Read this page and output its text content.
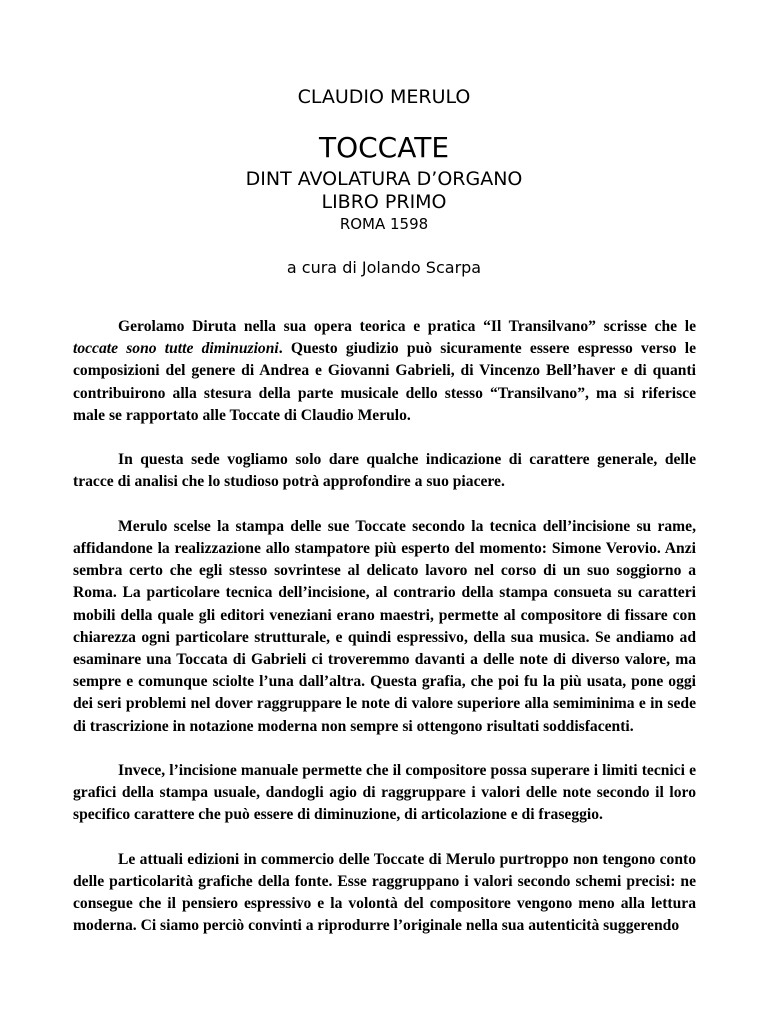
CLAUDIO MERULO
TOCCATE
DINT AVOLATURA D’ORGANO
LIBRO PRIMO
ROMA 1598
a cura di Jolando Scarpa

Gerolamo Diruta nella sua opera teorica e pratica “Il Transilvano” scrisse che le toccate sono tutte diminuzioni. Questo giudizio può sicuramente essere espresso verso le composizioni del genere di Andrea e Giovanni Gabrieli, di Vincenzo Bell’haver e di quanti contribuirono alla stesura della parte musicale dello stesso “Transilvano”, ma si riferisce male se rapportato alle Toccate di Claudio Merulo.

In questa sede vogliamo solo dare qualche indicazione di carattere generale, delle tracce di analisi che lo studioso potrà approfondire a suo piacere.

Merulo scelse la stampa delle sue Toccate secondo la tecnica dell’incisione su rame, affidandone la realizzazione allo stampatore più esperto del momento: Simone Verovio. Anzi sembra certo che egli stesso sovrintese al delicato lavoro nel corso di un suo soggiorno a Roma. La particolare tecnica dell’incisione, al contrario della stampa consueta su caratteri mobili della quale gli editori veneziani erano maestri, permette al compositore di fissare con chiarezza ogni particolare strutturale, e quindi espressivo, della sua musica. Se andiamo ad esaminare una Toccata di Gabrieli ci troveremmo davanti a delle note di diverso valore, ma sempre e comunque sciolte l’una dall’altra. Questa grafia, che poi fu la più usata, pone oggi dei seri problemi nel dover raggruppare le note di valore superiore alla semiminima e in sede di trascrizione in notazione moderna non sempre si ottengono risultati soddisfacenti.

Invece, l’incisione manuale permette che il compositore possa superare i limiti tecnici e grafici della stampa usuale, dandogli agio di raggruppare i valori delle note secondo il loro specifico carattere che può essere di diminuzione, di articolazione e di fraseggio.

Le attuali edizioni in commercio delle Toccate di Merulo purtroppo non tengono conto delle particolarità grafiche della fonte. Esse raggruppano i valori secondo schemi precisi: ne consegue che il pensiero espressivo e la volontà del compositore vengono meno alla lettura moderna. Ci siamo perciò convinti a riprodurre l’originale nella sua autenticità suggerendo
